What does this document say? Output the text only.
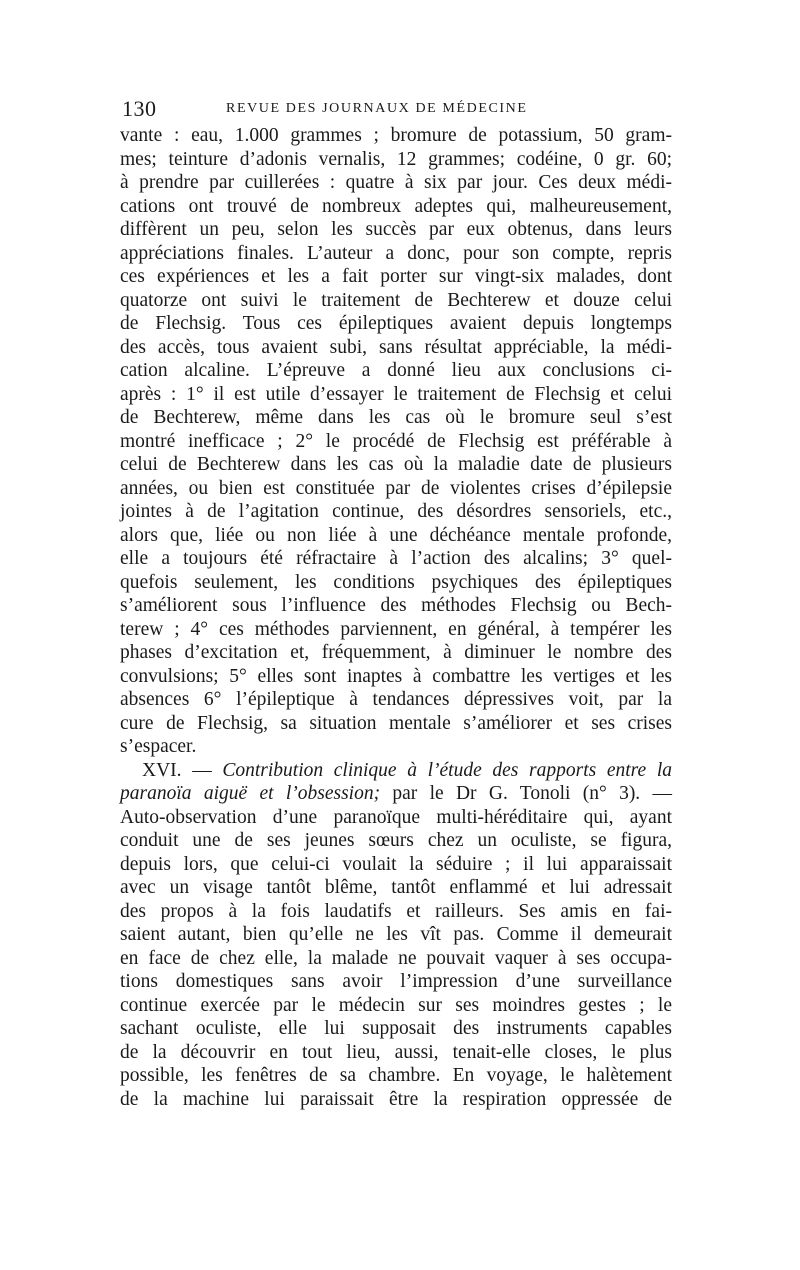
130	REVUE DES JOURNAUX DE MÉDECINE
vante : eau, 1.000 grammes ; bromure de potassium, 50 gram-
mes; teinture d’adonis vernalis, 12 grammes; codéine, 0 gr. 60;
à prendre par cuillerées : quatre à six par jour. Ces deux médi-
cations ont trouvé de nombreux adeptes qui, malheureusement,
diffèrent un peu, selon les succès par eux obtenus, dans leurs
appréciations finales. L’auteur a donc, pour son compte, repris
ces expériences et les a fait porter sur vingt-six malades, dont
quatorze ont suivi le traitement de Bechterew et douze celui
de Flechsig. Tous ces épileptiques avaient depuis longtemps
des accès, tous avaient subi, sans résultat appréciable, la médi-
cation alcaline. L’épreuve a donné lieu aux conclusions ci-
après : 1° il est utile d’essayer le traitement de Flechsig et celui
de Bechterew, même dans les cas où le bromure seul s’est
montré inefficace ; 2° le procédé de Flechsig est préférable à
celui de Bechterew dans les cas où la maladie date de plusieurs
années, ou bien est constituée par de violentes crises d’épilepsie
jointes à de l’agitation continue, des désordres sensoriels, etc.,
alors que, liée ou non liée à une déchéance mentale profonde,
elle a toujours été réfractaire à l’action des alcalins; 3° quel-
quefois seulement, les conditions psychiques des épileptiques
s’améliorent sous l’influence des méthodes Flechsig ou Bech-
terew ; 4° ces méthodes parviennent, en général, à tempérer les
phases d’excitation et, fréquemment, à diminuer le nombre des
convulsions; 5° elles sont inaptes à combattre les vertiges et les
absences 6° l’épileptique à tendances dépressives voit, par la
cure de Flechsig, sa situation mentale s’améliorer et ses crises
s’espacer.
XVI. — Contribution clinique à l’étude des rapports entre la
paranoïa aiguë et l’obsession; par le Dr G. Tonoli (n° 3). —
Auto-observation d’une paranoïque multi-héréditaire qui, ayant
conduit une de ses jeunes sœurs chez un oculiste, se figura,
depuis lors, que celui-ci voulait la séduire ; il lui apparaissait
avec un visage tantôt blême, tantôt enflammé et lui adressait
des propos à la fois laudatifs et railleurs. Ses amis en fai-
saient autant, bien qu’elle ne les vît pas. Comme il demeurait
en face de chez elle, la malade ne pouvait vaquer à ses occupa-
tions domestiques sans avoir l’impression d’une surveillance
continue exercée par le médecin sur ses moindres gestes ; le
sachant oculiste, elle lui supposait des instruments capables
de la découvrir en tout lieu, aussi, tenait-elle closes, le plus
possible, les fenêtres de sa chambre. En voyage, le halètement
de la machine lui paraissait être la respiration oppressée de
